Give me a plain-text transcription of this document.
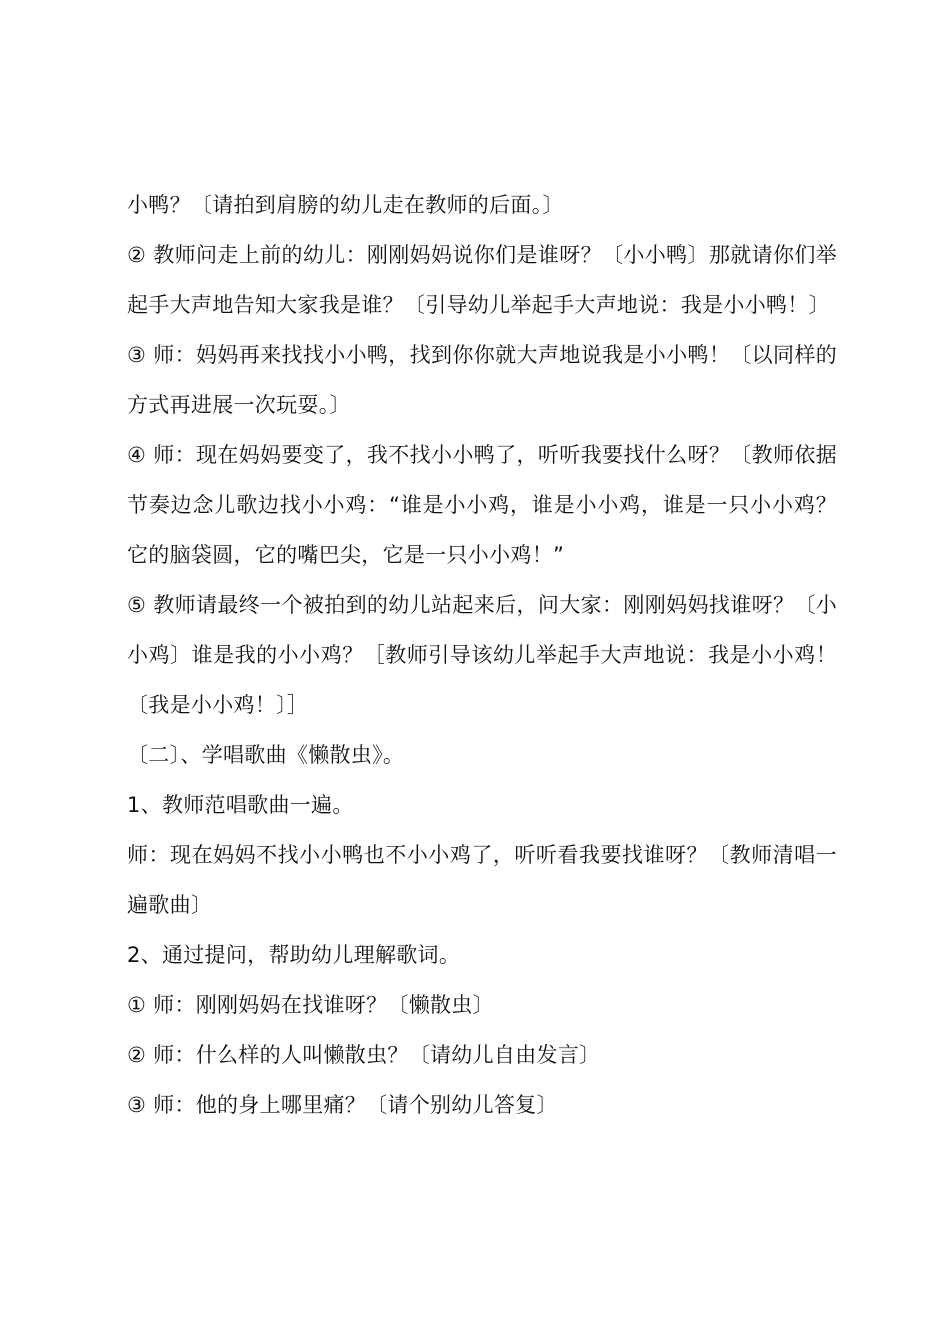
小鸭？〔请拍到肩膀的幼儿走在教师的后面。〕

② 教师问走上前的幼儿：刚刚妈妈说你们是谁呀？〔小小鸭〕那就请你们举起手大声地告知大家我是谁？〔引导幼儿举起手大声地说：我是小小鸭！〕

③ 师：妈妈再来找找小小鸭，找到你你就大声地说我是小小鸭！〔以同样的方式再进展一次玩耍。〕

④ 师：现在妈妈要变了，我不找小小鸭了，听听我要找什么呀？〔教师依据节奏边念儿歌边找小小鸡：“谁是小小鸡，谁是小小鸡，谁是一只小小鸡？它的脑袋圆，它的嘴巴尖，它是一只小小鸡！”

⑤ 教师请最终一个被拍到的幼儿站起来后，问大家：刚刚妈妈找谁呀？〔小小鸡〕谁是我的小小鸡？［教师引导该幼儿举起手大声地说：我是小小鸡！〔我是小小鸡！〕］

〔二〕、学唱歌曲《懒散虫》。

1、教师范唱歌曲一遍。

师：现在妈妈不找小小鸭也不小小鸡了，听听看我要找谁呀？〔教师清唱一遍歌曲〕

2、通过提问，帮助幼儿理解歌词。

① 师：刚刚妈妈在找谁呀？〔懒散虫〕

② 师：什么样的人叫懒散虫？〔请幼儿自由发言〕

③ 师：他的身上哪里痛？〔请个别幼儿答复〕
